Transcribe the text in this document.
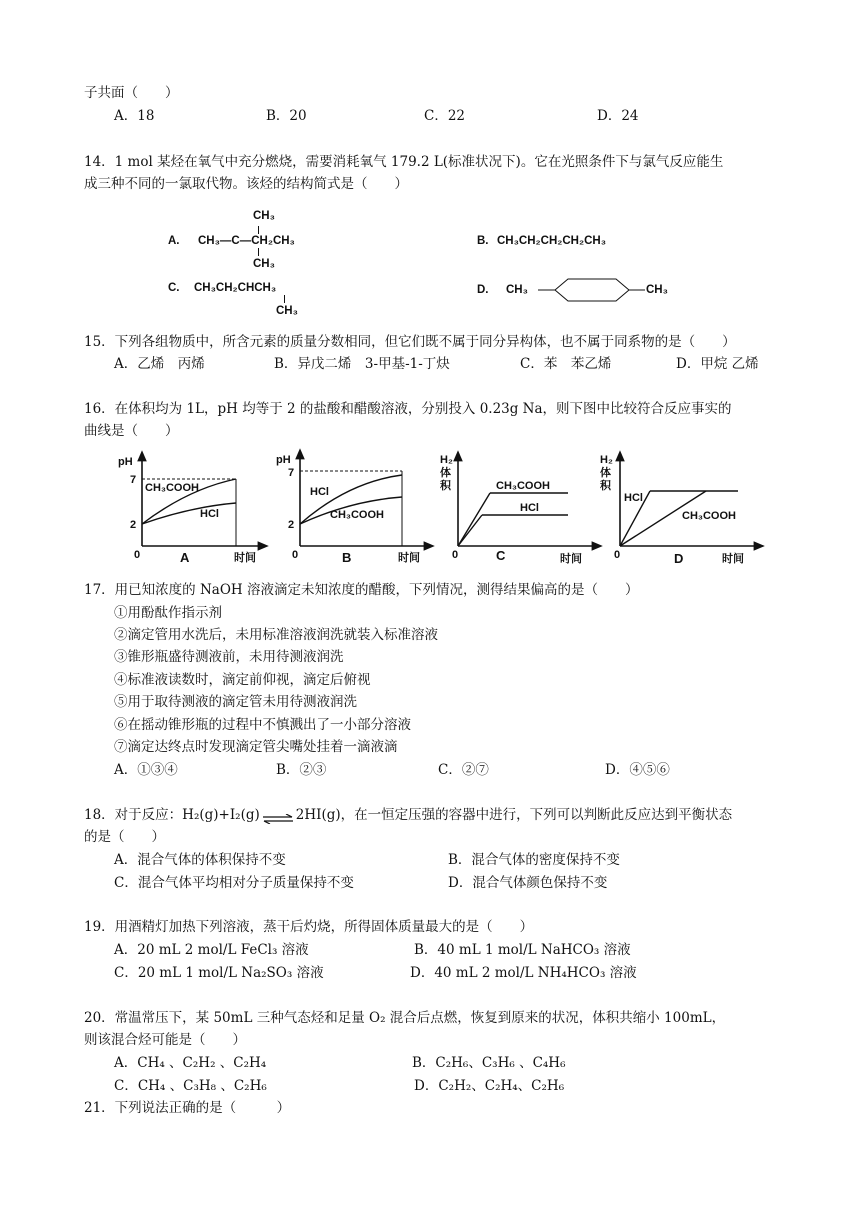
子共面（　　）
A．18	B．20	C．22	D．24
14．1 mol 某烃在氧气中充分燃烧，需要消耗氧气 179.2 L(标准状况下)。它在光照条件下与氯气反应能生
成三种不同的一氯取代物。该烃的结构简式是（　　）
CH₃
A. CH₃—C—CH₂CH₃
CH₃
B. CH₃CH₂CH₂CH₂CH₃
C. CH₃CH₂CHCH₃
CH₃
D. CH₃	CH₃
15．下列各组物质中，所含元素的质量分数相同，但它们既不属于同分异构体，也不属于同系物的是（　　）
A．乙烯　丙烯	B．异戊二烯　3-甲基-1-丁炔	C．苯　苯乙烯	D．甲烷 乙烯
16．在体积均为 1L，pH 均等于 2 的盐酸和醋酸溶液，分别投入 0.23g Na，则下图中比较符合反应事实的
曲线是（　　）
pH
7
2
CH₃COOH
HCl
0	A	时间
pH
7
2
HCl
CH₃COOH
0	B	时间
H₂
体
积	CH₃COOH
HCl
0	C	时间
H₂
体
积
HCl
CH₃COOH
0	D	时间
17．用已知浓度的 NaOH 溶液滴定未知浓度的醋酸，下列情况，测得结果偏高的是（　　）
①用酚酞作指示剂
②滴定管用水洗后，未用标准溶液润洗就装入标准溶液
③锥形瓶盛待测液前，未用待测液润洗
④标准液读数时，滴定前仰视，滴定后俯视
⑤用于取待测液的滴定管未用待测液润洗
⑥在摇动锥形瓶的过程中不慎溅出了一小部分溶液
⑦滴定达终点时发现滴定管尖嘴处挂着一滴液滴
A．①③④	B．②③	C．②⑦	D．④⑤⑥
18．对于反应：H₂(g)+I₂(g) ⇌ 2HI(g)，在一恒定压强的容器中进行，下列可以判断此反应达到平衡状态
的是（　　）
A．混合气体的体积保持不变	B．混合气体的密度保持不变
C．混合气体平均相对分子质量保持不变	D．混合气体颜色保持不变
19．用酒精灯加热下列溶液，蒸干后灼烧，所得固体质量最大的是（　　）
A．20 mL 2 mol/L FeCl₃ 溶液	B．40 mL 1 mol/L NaHCO₃ 溶液
C．20 mL 1 mol/L Na₂SO₃ 溶液	D．40 mL 2 mol/L NH₄HCO₃ 溶液
20．常温常压下，某 50mL 三种气态烃和足量 O₂ 混合后点燃，恢复到原来的状况，体积共缩小 100mL，
则该混合烃可能是（　　）
A．CH₄ 、C₂H₂ 、C₂H₄	B．C₂H₆、C₃H₆ 、C₄H₆
C．CH₄ 、C₃H₈ 、C₂H₆	D．C₂H₂、C₂H₄、C₂H₆
21．下列说法正确的是（　　　）
